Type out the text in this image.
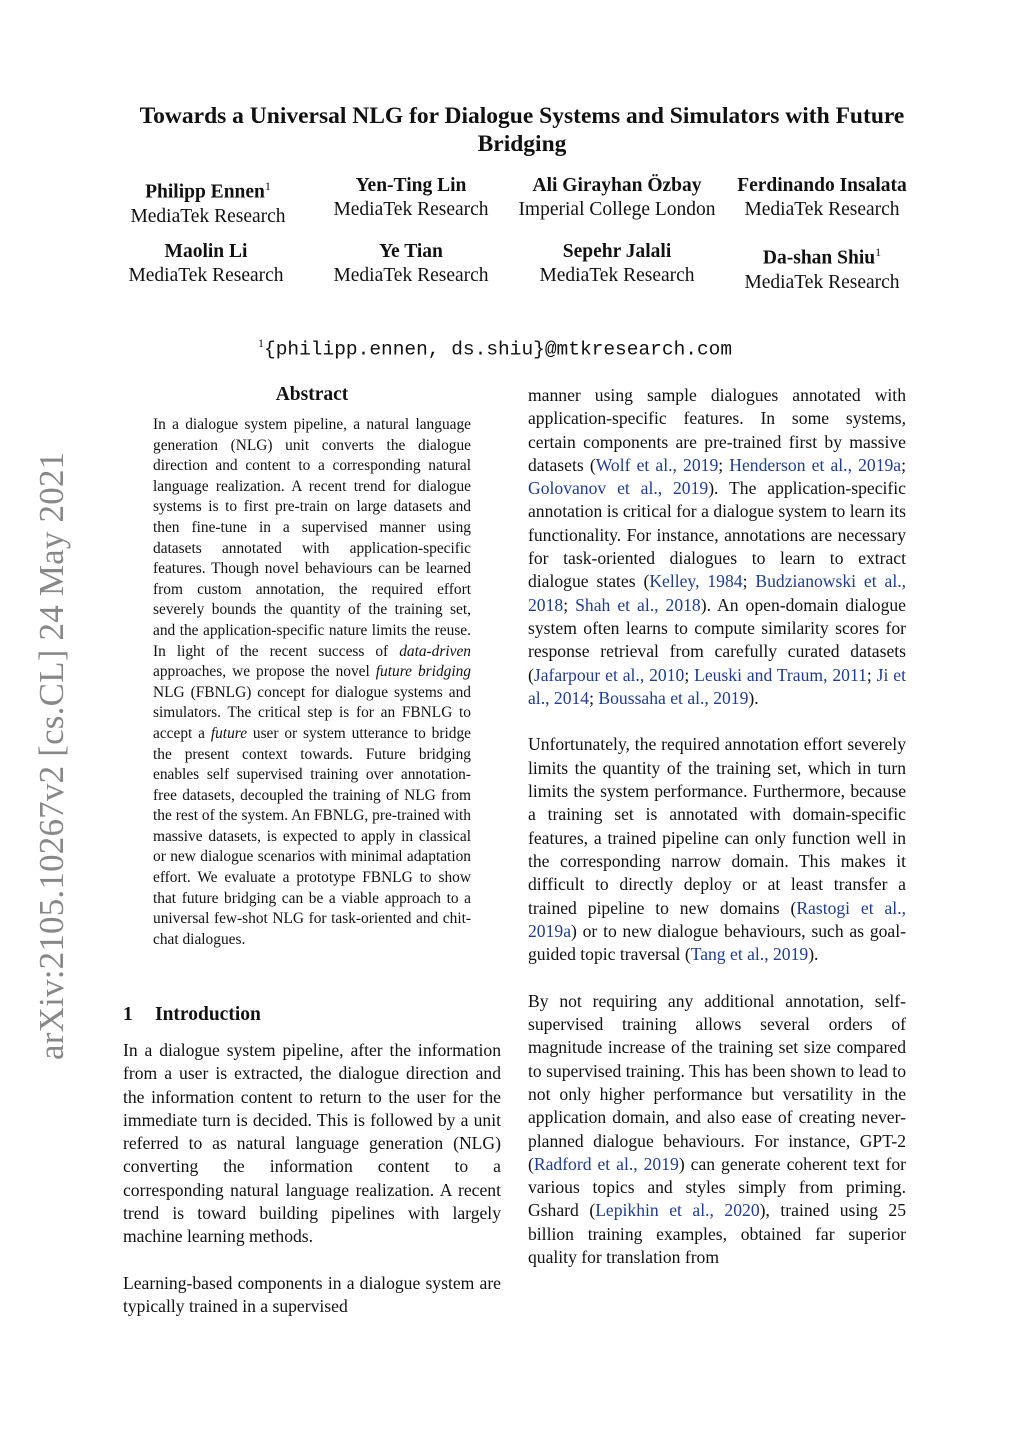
arXiv:2105.10267v2 [cs.CL] 24 May 2021
Towards a Universal NLG for Dialogue Systems and Simulators with Future Bridging
Philipp Ennen$^1$
MediaTek Research
Yen-Ting Lin
MediaTek Research
Ali Girayhan Özbay
Imperial College London
Ferdinando Insalata
MediaTek Research
Maolin Li
MediaTek Research
Ye Tian
MediaTek Research
Sepehr Jalali
MediaTek Research
Da-shan Shiu$^1$
MediaTek Research
$^1${philipp.ennen, ds.shiu}@mtkresearch.com
Abstract
In a dialogue system pipeline, a natural language generation (NLG) unit converts the dialogue direction and content to a corresponding natural language realization. A recent trend for dialogue systems is to first pre-train on large datasets and then fine-tune in a supervised manner using datasets annotated with application-specific features. Though novel behaviours can be learned from custom annotation, the required effort severely bounds the quantity of the training set, and the application-specific nature limits the reuse. In light of the recent success of data-driven approaches, we propose the novel future bridging NLG (FBNLG) concept for dialogue systems and simulators. The critical step is for an FBNLG to accept a future user or system utterance to bridge the present context towards. Future bridging enables self supervised training over annotation-free datasets, decoupled the training of NLG from the rest of the system. An FBNLG, pre-trained with massive datasets, is expected to apply in classical or new dialogue scenarios with minimal adaptation effort. We evaluate a prototype FBNLG to show that future bridging can be a viable approach to a universal few-shot NLG for task-oriented and chit-chat dialogues.
1 Introduction

In a dialogue system pipeline, after the information from a user is extracted, the dialogue direction and the information content to return to the user for the immediate turn is decided. This is followed by a unit referred to as natural language generation (NLG) converting the information content to a corresponding natural language realization. A recent trend is toward building pipelines with largely machine learning methods.

Learning-based components in a dialogue system are typically trained in a supervised

manner using sample dialogues annotated with application-specific features. In some systems, certain components are pre-trained first by massive datasets (Wolf et al., 2019; Henderson et al., 2019a; Golovanov et al., 2019). The application-specific annotation is critical for a dialogue system to learn its functionality. For instance, annotations are necessary for task-oriented dialogues to learn to extract dialogue states (Kelley, 1984; Budzianowski et al., 2018; Shah et al., 2018). An open-domain dialogue system often learns to compute similarity scores for response retrieval from carefully curated datasets (Jafarpour et al., 2010; Leuski and Traum, 2011; Ji et al., 2014; Boussaha et al., 2019).

Unfortunately, the required annotation effort severely limits the quantity of the training set, which in turn limits the system performance. Furthermore, because a training set is annotated with domain-specific features, a trained pipeline can only function well in the corresponding narrow domain. This makes it difficult to directly deploy or at least transfer a trained pipeline to new domains (Rastogi et al., 2019a) or to new dialogue behaviours, such as goal-guided topic traversal (Tang et al., 2019).

By not requiring any additional annotation, self-supervised training allows several orders of magnitude increase of the training set size compared to supervised training. This has been shown to lead to not only higher performance but versatility in the application domain, and also ease of creating never-planned dialogue behaviours. For instance, GPT-2 (Radford et al., 2019) can generate coherent text for various topics and styles simply from priming. Gshard (Lepikhin et al., 2020), trained using 25 billion training examples, obtained far superior quality for translation from
